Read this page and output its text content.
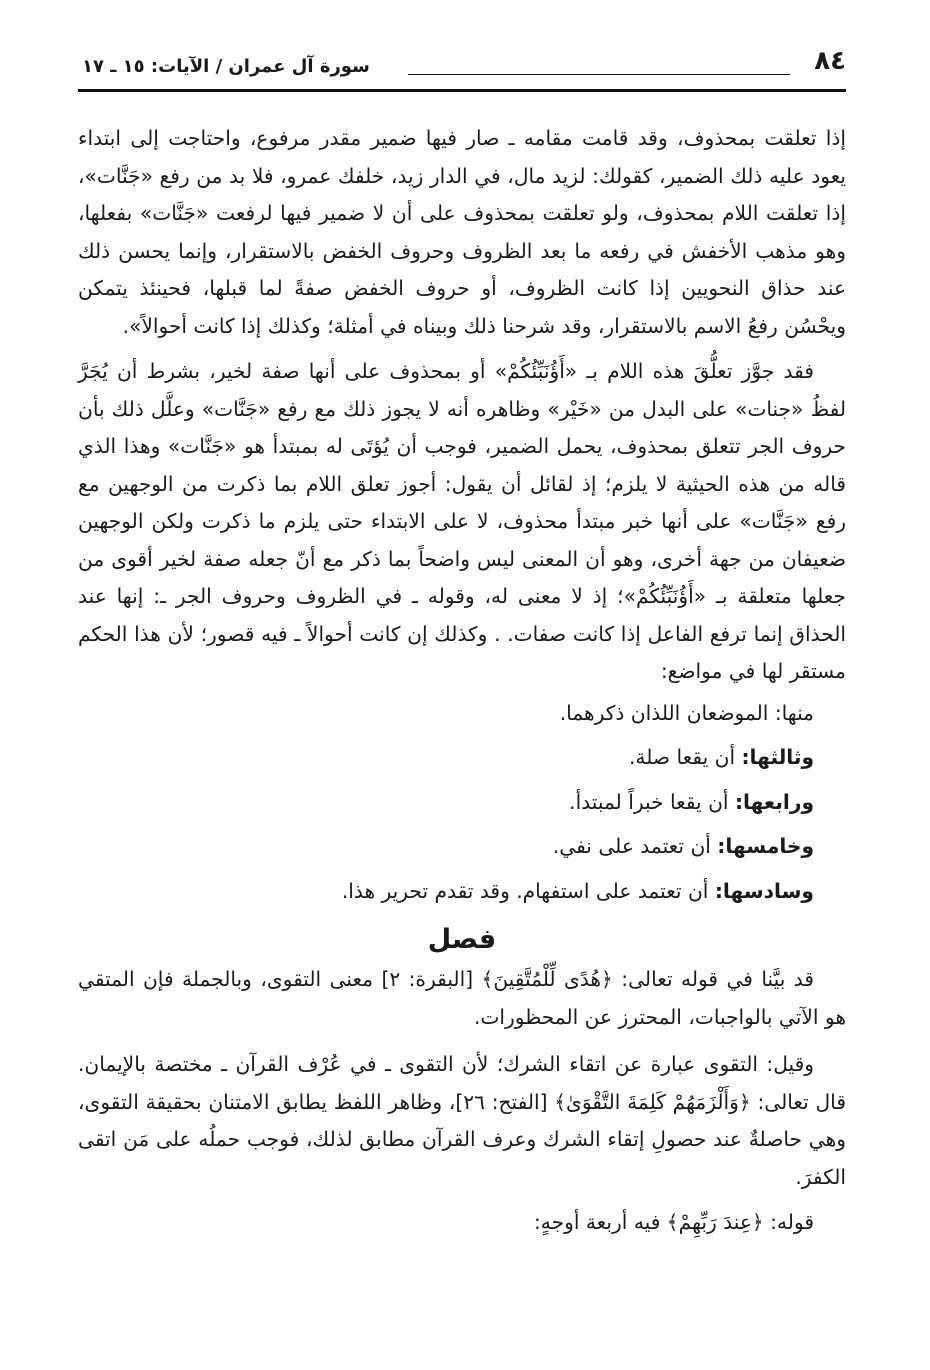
٨٤
سورة آل عمران / الآيات: ١٥ ـ ١٧

إذا تعلقت بمحذوف، وقد قامت مقامه ـ صار فيها ضمير مقدر مرفوع، واحتاجت إلى ابتداء يعود عليه ذلك الضمير، كقولك: لزيد مال، في الدار زيد، خلفك عمرو، فلا بد من رفع «جَنَّات»، إذا تعلقت اللام بمحذوف، ولو تعلقت بمحذوف على أن لا ضمير فيها لرفعت «جَنَّات» بفعلها، وهو مذهب الأخفش في رفعه ما بعد الظروف وحروف الخفض بالاستقرار، وإنما يحسن ذلك عند حذاق النحويين إذا كانت الظروف، أو حروف الخفض صفةً لما قبلها، فحينئذ يتمكن ويحْسُن رفعُ الاسم بالاستقرار، وقد شرحنا ذلك وبيناه في أمثلة؛ وكذلك إذا كانت أحوالاً».

فقد جوَّز تعلُّقَ هذه اللام بـ «أَؤُنَبِّئُكُمْ» أو بمحذوف على أنها صفة لخير، بشرط أن يُجَرَّ لفظُ «جنات» على البدل من «خَيْر» وظاهره أنه لا يجوز ذلك مع رفع «جَنَّات» وعلَّل ذلك بأن حروف الجر تتعلق بمحذوف، يحمل الضمير، فوجب أن يُؤتَى له بمبتدأ هو «جَنَّات» وهذا الذي قاله من هذه الحيثية لا يلزم؛ إذ لقائل أن يقول: أجوز تعلق اللام بما ذكرت من الوجهين مع رفع «جَنَّات» على أنها خبر مبتدأ محذوف، لا على الابتداء حتى يلزم ما ذكرت ولكن الوجهين ضعيفان من جهة أخرى، وهو أن المعنى ليس واضحاً بما ذكر مع أنّ جعله صفة لخير أقوى من جعلها متعلقة بـ «أَؤُنَبِّئُكُمْ»؛ إذ لا معنى له، وقوله ـ في الظروف وحروف الجر ـ: إنها عند الحذاق إنما ترفع الفاعل إذا كانت صفات. . وكذلك إن كانت أحوالاً ـ فيه قصور؛ لأن هذا الحكم مستقر لها في مواضع:

منها: الموضعان اللذان ذكرهما.
وثالثها: أن يقعا صلة.
ورابعها: أن يقعا خبراً لمبتدأ.
وخامسها: أن تعتمد على نفي.
وسادسها: أن تعتمد على استفهام. وقد تقدم تحرير هذا.
فصل

قد بيَّنا في قوله تعالى: ﴿هُدًى لِّلْمُتَّقِينَ﴾ [البقرة: ٢] معنى التقوى، وبالجملة فإن المتقي هو الآتي بالواجبات، المحترز عن المحظورات.

وقيل: التقوى عبارة عن اتقاء الشرك؛ لأن التقوى ـ في عُرْف القرآن ـ مختصة بالإيمان. قال تعالى: ﴿وَأَلْزَمَهُمْ كَلِمَةَ التَّقْوَىٰ﴾ [الفتح: ٢٦]، وظاهر اللفظ يطابق الامتنان بحقيقة التقوى، وهي حاصلةٌ عند حصولِ إتقاء الشرك وعرف القرآن مطابق لذلك، فوجب حملُه على مَن اتقى الكفرَ.

قوله: ﴿عِندَ رَبِّهِمْ﴾ فيه أربعة أوجهٍ:
